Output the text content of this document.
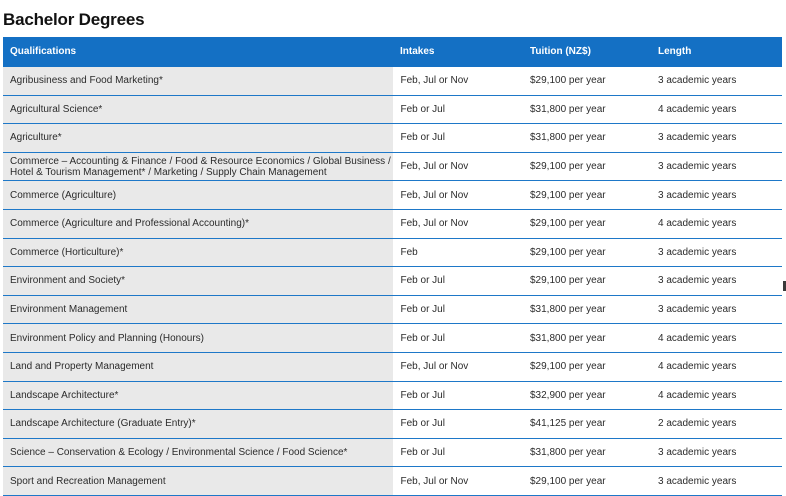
Bachelor Degrees
Qualifications	Intakes	Tuition (NZ$)	Length
Agribusiness and Food Marketing*	Feb, Jul or Nov	$29,100 per year	3 academic years
Agricultural Science*	Feb or Jul	$31,800 per year	4 academic years
Agriculture*	Feb or Jul	$31,800 per year	3 academic years
Commerce – Accounting & Finance / Food & Resource Economics / Global Business / Hotel & Tourism Management* / Marketing / Supply Chain Management	Feb, Jul or Nov	$29,100 per year	3 academic years
Commerce (Agriculture)	Feb, Jul or Nov	$29,100 per year	3 academic years
Commerce (Agriculture and Professional Accounting)*	Feb, Jul or Nov	$29,100 per year	4 academic years
Commerce (Horticulture)*	Feb	$29,100 per year	3 academic years
Environment and Society*	Feb or Jul	$29,100 per year	3 academic years
Environment Management	Feb or Jul	$31,800 per year	3 academic years
Environment Policy and Planning (Honours)	Feb or Jul	$31,800 per year	4 academic years
Land and Property Management	Feb, Jul or Nov	$29,100 per year	4 academic years
Landscape Architecture*	Feb or Jul	$32,900 per year	4 academic years
Landscape Architecture (Graduate Entry)*	Feb or Jul	$41,125 per year	2 academic years
Science – Conservation & Ecology / Environmental Science / Food Science*	Feb or Jul	$31,800 per year	3 academic years
Sport and Recreation Management	Feb, Jul or Nov	$29,100 per year	3 academic years
